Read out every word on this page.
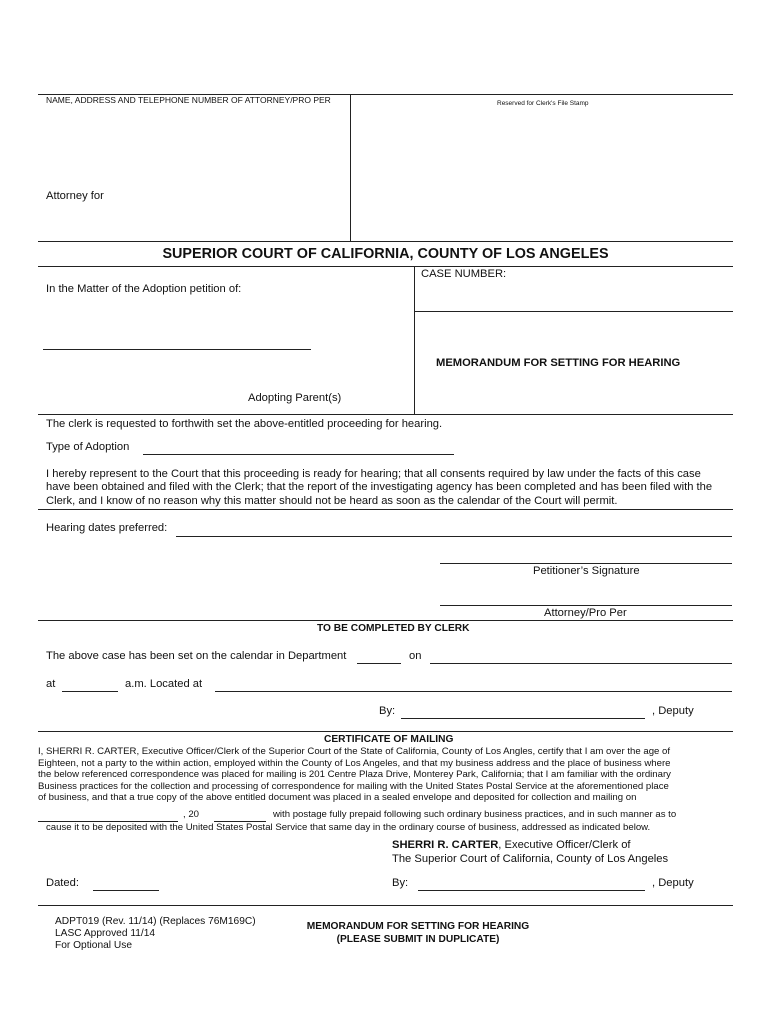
NAME, ADDRESS AND TELEPHONE NUMBER OF ATTORNEY/PRO PER	Reserved for Clerk's File Stamp
Attorney for
SUPERIOR COURT OF CALIFORNIA, COUNTY OF LOS ANGELES
CASE NUMBER:
In the Matter of the Adoption petition of:
Adopting Parent(s)
MEMORANDUM FOR SETTING FOR HEARING
The clerk is requested to forthwith set the above-entitled proceeding for hearing.
Type of Adoption
I hereby represent to the Court that this proceeding is ready for hearing; that all consents required by law under the facts of this case
have been obtained and filed with the Clerk; that the report of the investigating agency has been completed and has been filed with the
Clerk, and I know of no reason why this matter should not be heard as soon as the calendar of the Court will permit.
Hearing dates preferred:
Petitioner’s Signature
Attorney/Pro Per
TO BE COMPLETED BY CLERK
The above case has been set on the calendar in Department	on
at	a.m. Located at
By:	, Deputy
CERTIFICATE OF MAILING
I, SHERRI R. CARTER, Executive Officer/Clerk of the Superior Court of the State of California, County of Los Angles, certify that I am over the age of
Eighteen, not a party to the within action, employed within the County of Los Angeles, and that my business address and the place of business where
the below referenced correspondence was placed for mailing is 201 Centre Plaza Drive, Monterey Park, California; that I am familiar with the ordinary
Business practices for the collection and processing of correspondence for mailing with the United States Postal Service at the aforementioned place
of business, and that a true copy of the above entitled document was placed in a sealed envelope and deposited for collection and mailing on
, 20	with postage fully prepaid following such ordinary business practices, and in such manner as to
cause it to be deposited with the United States Postal Service that same day in the ordinary course of business, addressed as indicated below.
SHERRI R. CARTER, Executive Officer/Clerk of
The Superior Court of California, County of Los Angeles
Dated:	By:	, Deputy
ADPT019 (Rev. 11/14) (Replaces 76M169C)
LASC Approved 11/14
For Optional Use
MEMORANDUM FOR SETTING FOR HEARING
(PLEASE SUBMIT IN DUPLICATE)
